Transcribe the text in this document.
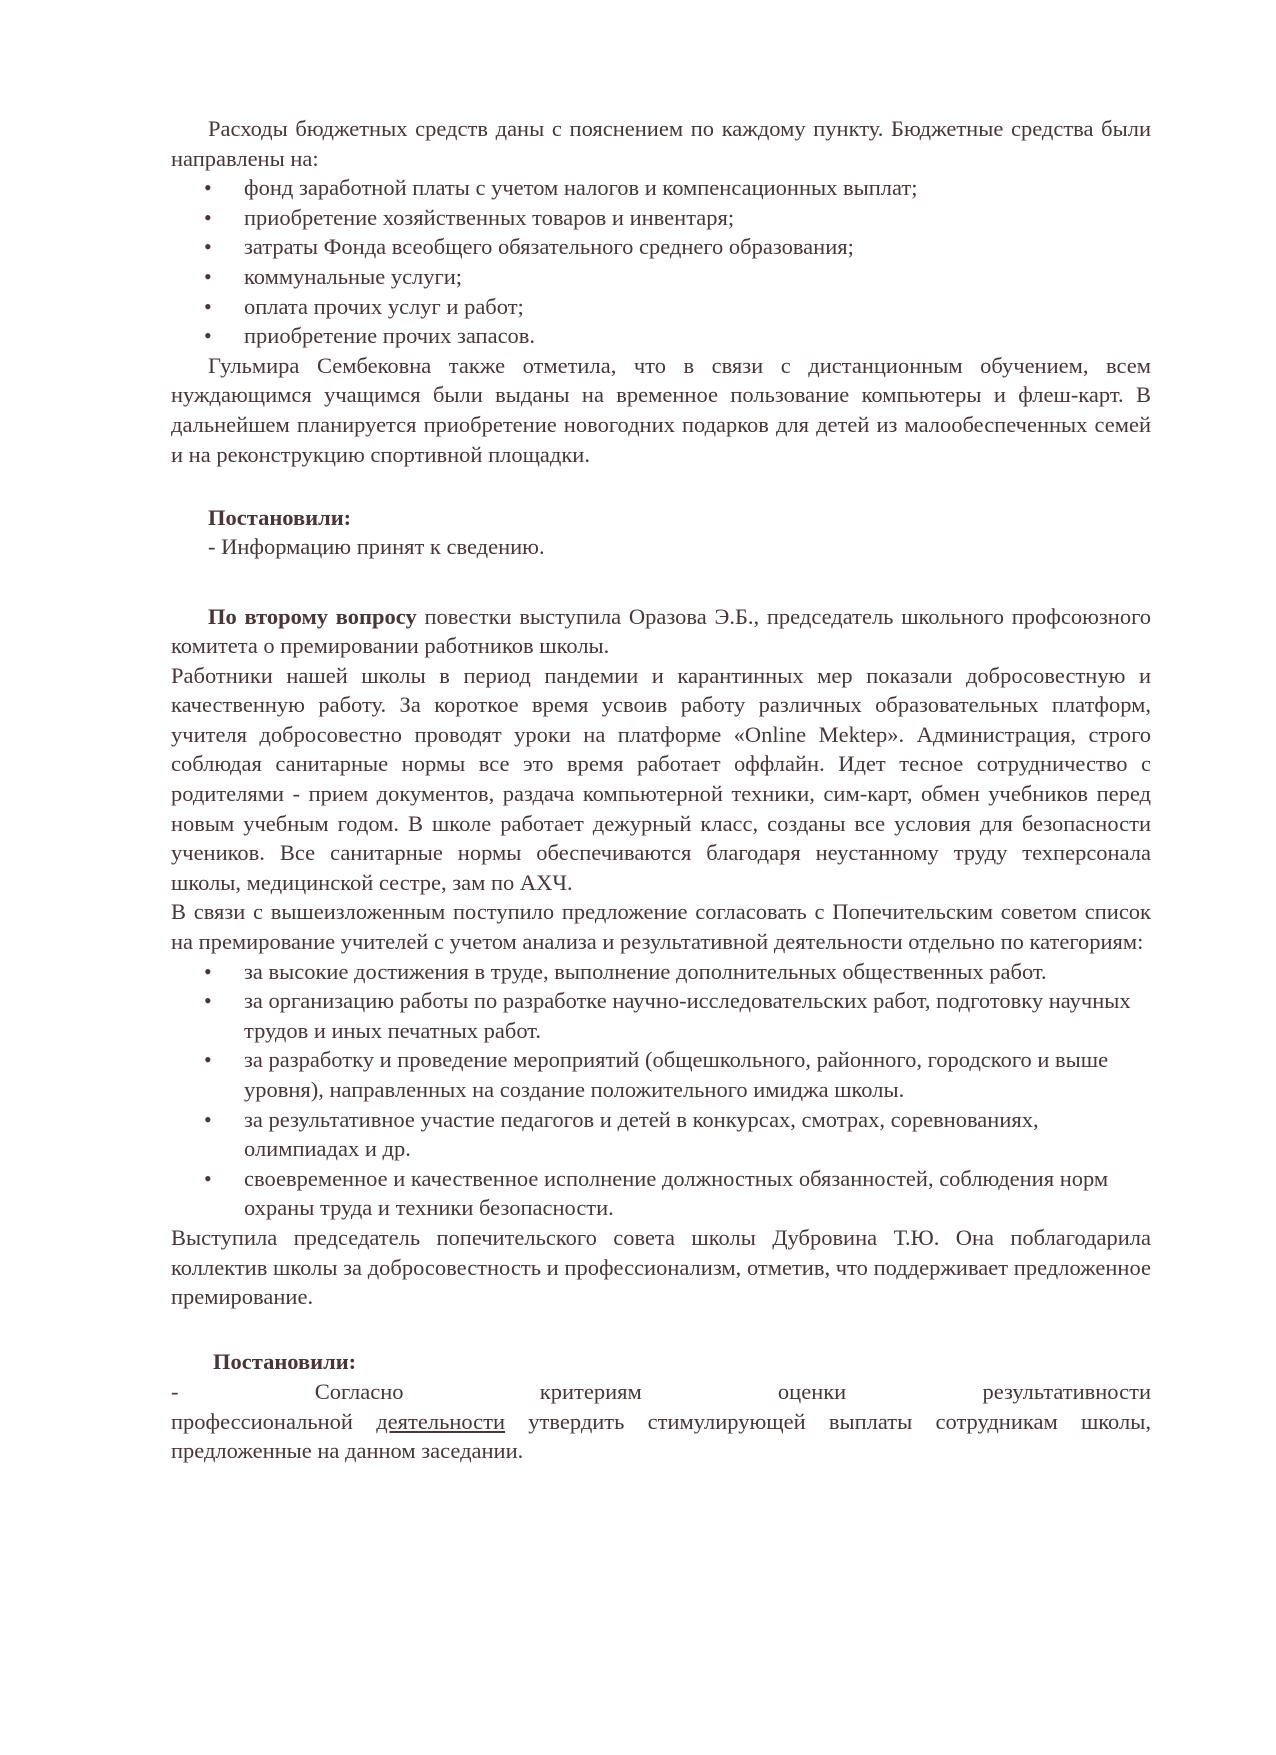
Расходы бюджетных средств даны с пояснением по каждому пункту. Бюджетные средства были направлены на:

• фонд заработной платы с учетом налогов и компенсационных выплат;
• приобретение хозяйственных товаров и инвентаря;
• затраты Фонда всеобщего обязательного среднего образования;
• коммунальные услуги;
• оплата прочих услуг и работ;
• приобретение прочих запасов.

Гульмира Сембековна также отметила, что в связи с дистанционным обучением, всем нуждающимся учащимся были выданы на временное пользование компьютеры и флеш-карт. В дальнейшем планируется приобретение новогодних подарков для детей из малообеспеченных семей и на реконструкцию спортивной площадки.

Постановили:

- Информацию принят к сведению.

По второму вопросу повестки выступила Оразова Э.Б., председатель школьного профсоюзного комитета о премировании работников школы.

Работники нашей школы в период пандемии и карантинных мер показали добросовестную и качественную работу. За короткое время усвоив работу различных образовательных платформ, учителя добросовестно проводят уроки на платформе «Online Mektep». Администрация, строго соблюдая санитарные нормы все это время работает оффлайн. Идет тесное сотрудничество с родителями - прием документов, раздача компьютерной техники, сим-карт, обмен учебников перед новым учебным годом. В школе работает дежурный класс, созданы все условия для безопасности учеников. Все санитарные нормы обеспечиваются благодаря неустанному труду техперсонала школы, медицинской сестре, зам по АХЧ.

В связи с вышеизложенным поступило предложение согласовать с Попечительским советом список на премирование учителей с учетом анализа и результативной деятельности отдельно по категориям:

• за высокие достижения в труде, выполнение дополнительных общественных работ.
• за организацию работы по разработке научно-исследовательских работ, подготовку научных трудов и иных печатных работ.
• за разработку и проведение мероприятий (общешкольного, районного, городского и выше уровня), направленных на создание положительного имиджа школы.
• за результативное участие педагогов и детей в конкурсах, смотрах, соревнованиях, олимпиадах и др.
• своевременное и качественное исполнение должностных обязанностей, соблюдения норм охраны труда и техники безопасности.

Выступила председатель попечительского совета школы Дубровина Т.Ю. Она поблагодарила коллектив школы за добросовестность и профессионализм, отметив, что поддерживает предложенное премирование.

Постановили:

-	Согласно	критериям	оценки	результативности

профессиональной деятельности утвердить стимулирующей выплаты сотрудникам школы, предложенные на данном заседании.
